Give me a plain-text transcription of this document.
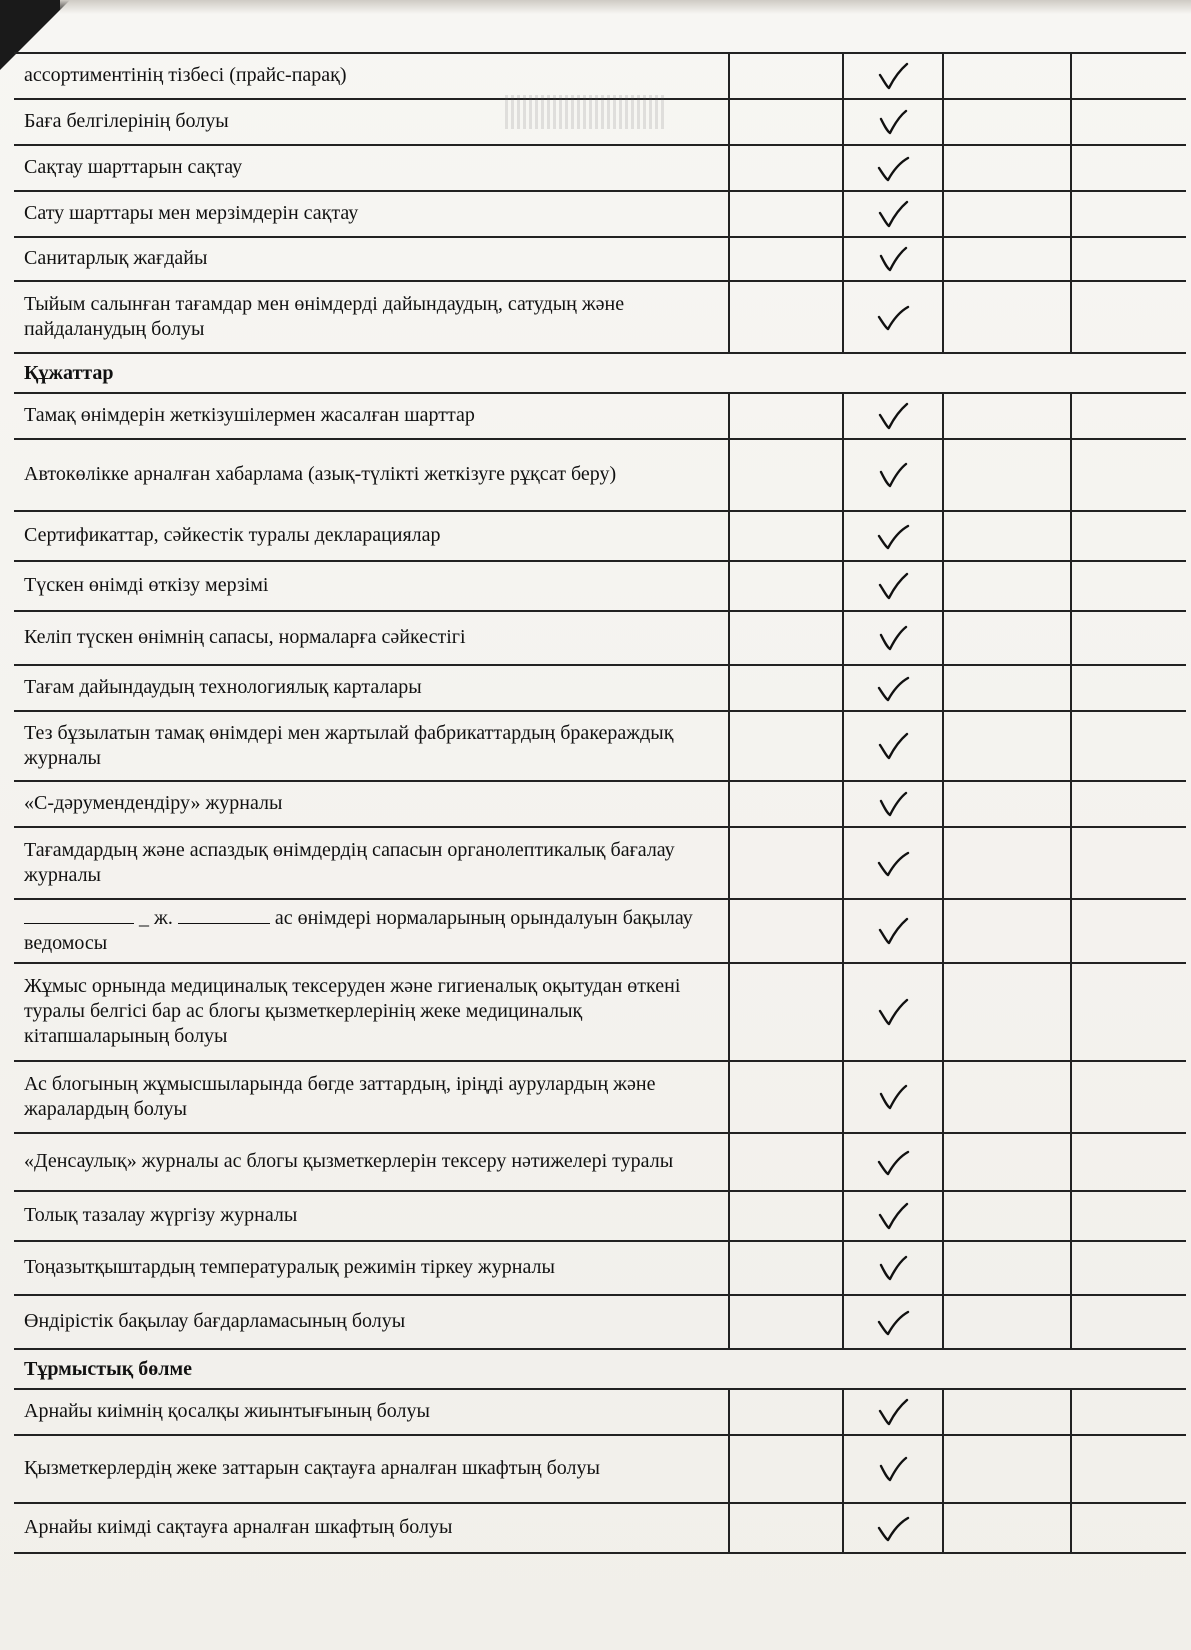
ассортиментінің тізбесі (прайс-парақ)
Баға белгілерінің болуы
Сақтау шарттарын сақтау
Сату шарттары мен мерзімдерін сақтау
Санитарлық жағдайы
Тыйым салынған тағамдар мен өнімдерді дайындаудың, сатудың және пайдаланудың болуы
Құжаттар
Тамақ өнімдерін жеткізушілермен жасалған шарттар
Автокөлікке арналған хабарлама (азық-түлікті жеткізуге рұқсат беру)
Сертификаттар, сәйкестік туралы декларациялар
Түскен өнімді өткізу мерзімі
Келіп түскен өнімнің сапасы, нормаларға сәйкестігі
Тағам дайындаудың технологиялық карталары
Тез бұзылатын тамақ өнімдері мен жартылай фабрикаттардың бракераждық журналы
«С-дәрумендендіру» журналы
Тағамдардың және аспаздық өнімдердің сапасын органолептикалық бағалау журналы
_ ж.	ас өнімдері нормаларының орындалуын бақылау ведомосы
Жұмыс орнында медициналық тексеруден және гигиеналық оқытудан өткені туралы белгісі бар ас блогы қызметкерлерінің жеке медициналық кітапшаларының болуы
Ас блогының жұмысшыларында бөгде заттардың, іріңді аурулардың және жаралардың болуы
«Денсаулық» журналы ас блогы қызметкерлерін тексеру нәтижелері туралы
Толық тазалау жүргізу журналы
Тоңазытқыштардың температуралық режимін тіркеу журналы
Өндірістік бақылау бағдарламасының болуы
Тұрмыстық бөлме
Арнайы киімнің қосалқы жиынтығының болуы
Қызметкерлердің жеке заттарын сақтауға арналған шкафтың болуы
Арнайы киімді сақтауға арналған шкафтың болуы
